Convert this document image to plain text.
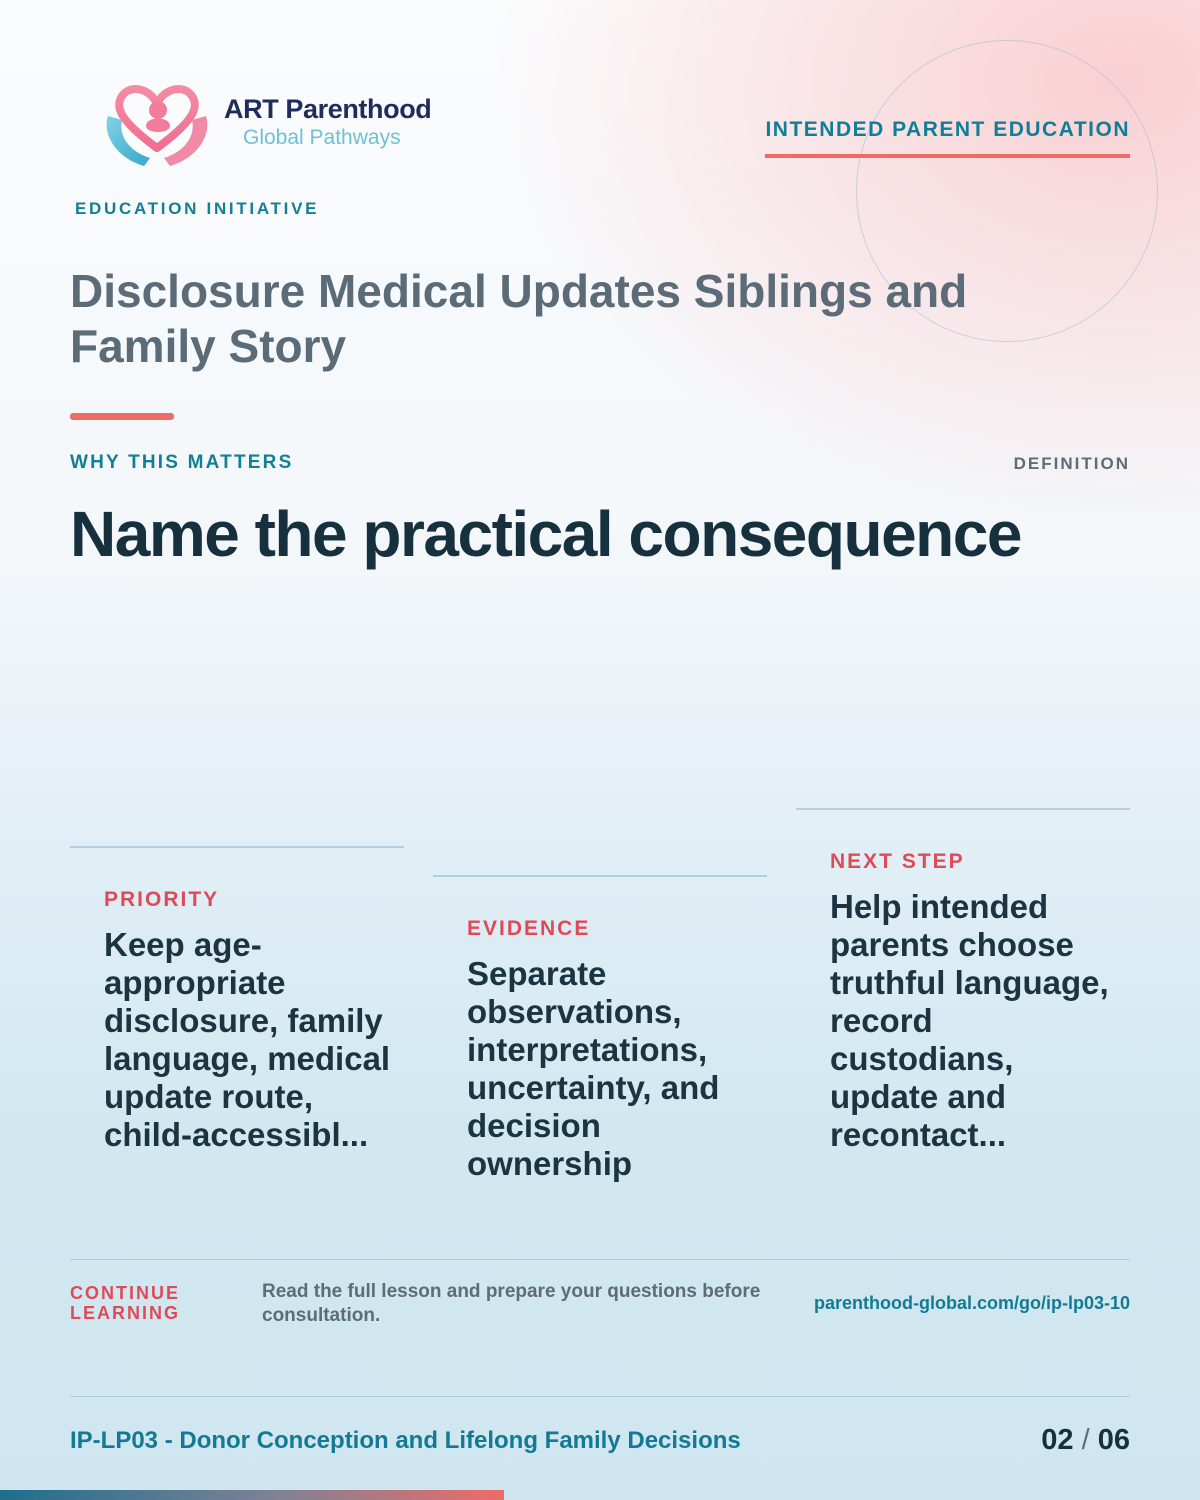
ART Parenthood
Global Pathways	INTENDED PARENT EDUCATION
EDUCATION INITIATIVE
Disclosure Medical Updates Siblings and Family Story
WHY THIS MATTERS	DEFINITION
Name the practical consequence
PRIORITY

Keep age-appropriate disclosure, family language, medical update route, child-accessibl...

EVIDENCE

Separate observations, interpretations, uncertainty, and decision ownership

NEXT STEP

Help intended parents choose truthful language, record custodians, update and recontact...

CONTINUE LEARNING
Read the full lesson and prepare your questions before consultation.
parenthood-global.com/go/ip-lp03-10
IP-LP03 - Donor Conception and Lifelong Family Decisions	02 / 06
